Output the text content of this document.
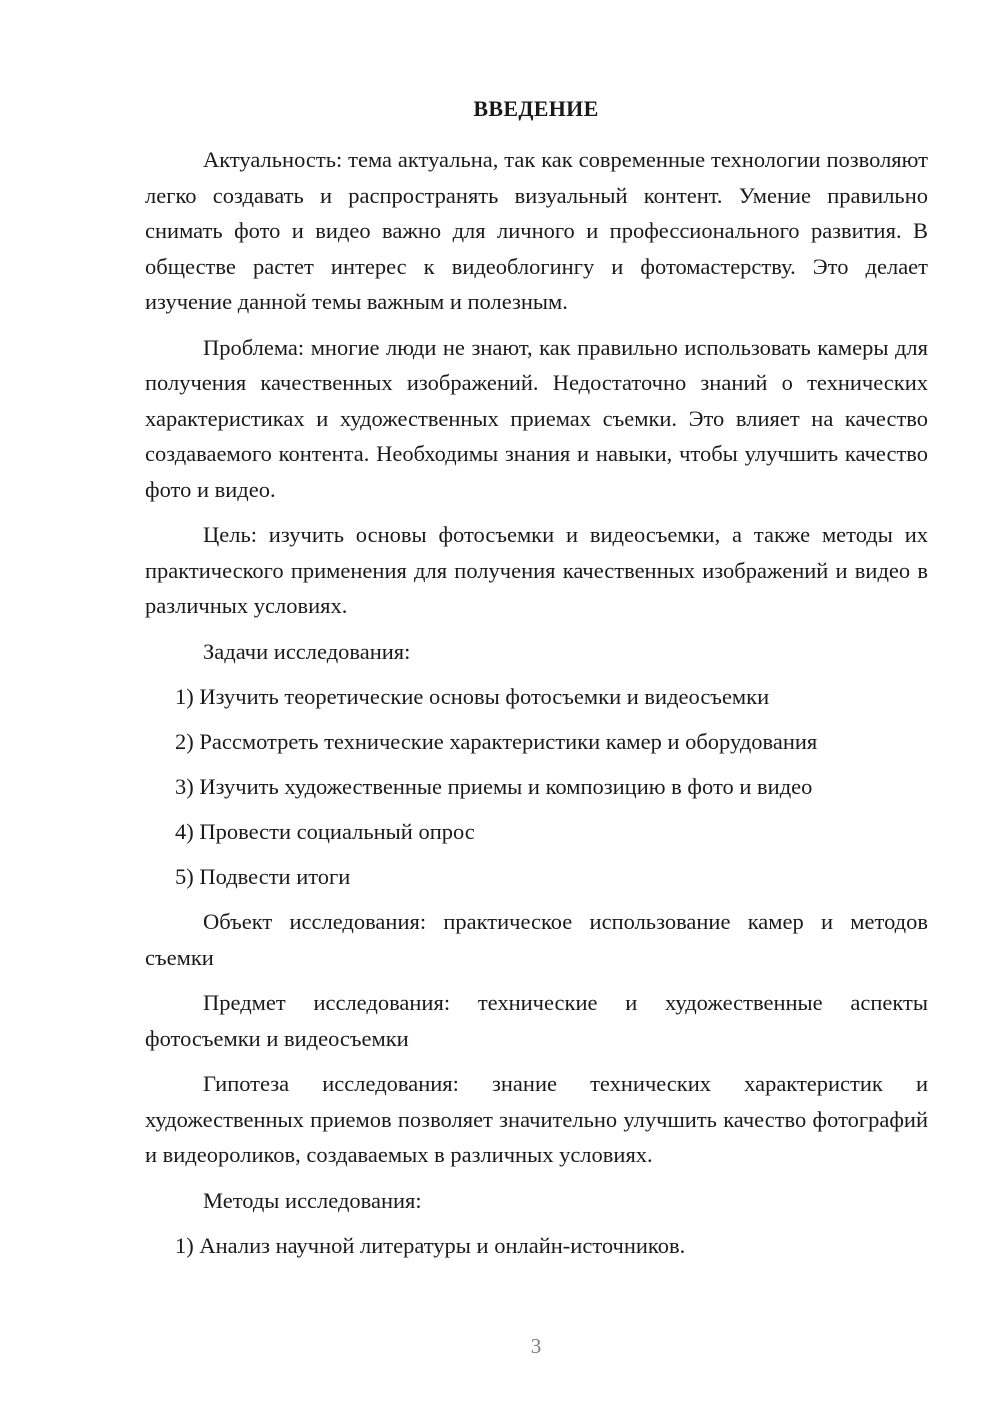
ВВЕДЕНИЕ

Актуальность: тема актуальна, так как современные технологии позволяют легко создавать и распространять визуальный контент. Умение правильно снимать фото и видео важно для личного и профессионального развития. В обществе растет интерес к видеоблогингу и фотомастерству. Это делает изучение данной темы важным и полезным.

Проблема: многие люди не знают, как правильно использовать камеры для получения качественных изображений. Недостаточно знаний о технических характеристиках и художественных приемах съемки. Это влияет на качество создаваемого контента. Необходимы знания и навыки, чтобы улучшить качество фото и видео.

Цель: изучить основы фотосъемки и видеосъемки, а также методы их практического применения для получения качественных изображений и видео в различных условиях.

Задачи исследования:

1) Изучить теоретические основы фотосъемки и видеосъемки

2) Рассмотреть технические характеристики камер и оборудования

3) Изучить художественные приемы и композицию в фото и видео

4) Провести социальный опрос

5) Подвести итоги

Объект исследования: практическое использование камер и методов съемки

Предмет исследования: технические и художественные аспекты фотосъемки и видеосъемки

Гипотеза исследования: знание технических характеристик и художественных приемов позволяет значительно улучшить качество фотографий и видеороликов, создаваемых в различных условиях.

Методы исследования:

1) Анализ научной литературы и онлайн-источников.

3
